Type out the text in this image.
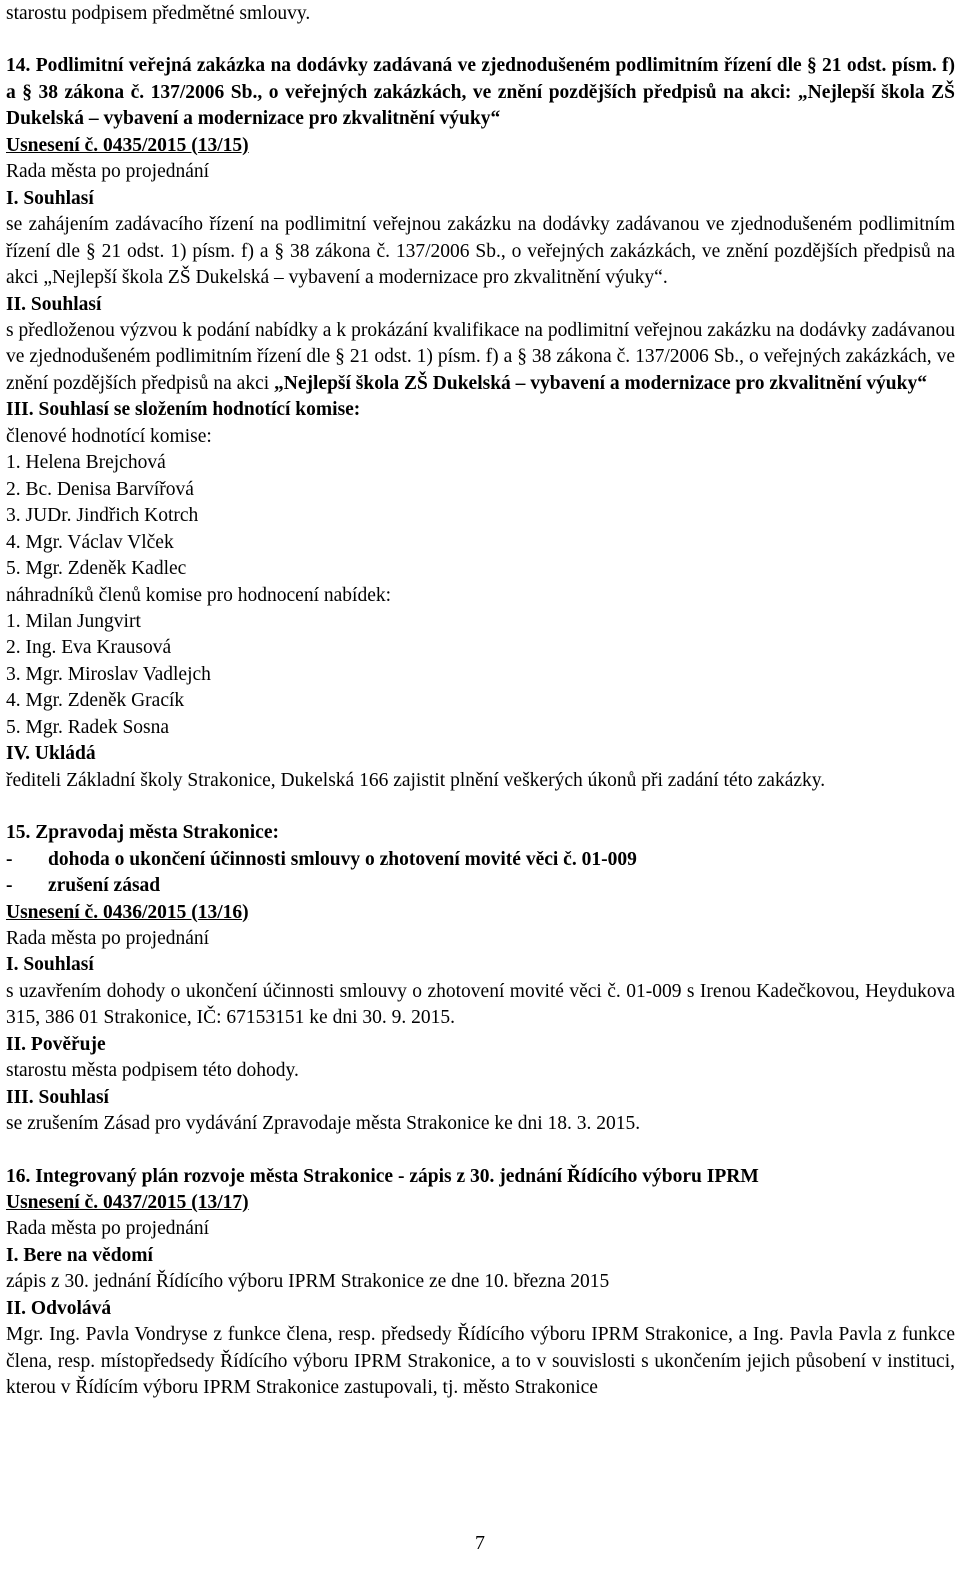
starostu podpisem předmětné smlouvy.

14. Podlimitní veřejná zakázka na dodávky zadávaná ve zjednodušeném podlimitním řízení dle § 21 odst. písm. f) a § 38 zákona č. 137/2006 Sb., o veřejných zakázkách, ve znění pozdějších předpisů na akci: „Nejlepší škola ZŠ Dukelská – vybavení a modernizace pro zkvalitnění výuky“

Usnesení č. 0435/2015 (13/15)

Rada města po projednání

I. Souhlasí

se zahájením zadávacího řízení na podlimitní veřejnou zakázku na dodávky zadávanou ve zjednodušeném podlimitním řízení dle § 21 odst. 1) písm. f) a § 38 zákona č. 137/2006 Sb., o veřejných zakázkách, ve znění pozdějších předpisů na akci „Nejlepší škola ZŠ Dukelská – vybavení a modernizace pro zkvalitnění výuky“.

II. Souhlasí

s předloženou výzvou k podání nabídky a k prokázání kvalifikace na podlimitní veřejnou zakázku na dodávky zadávanou ve zjednodušeném podlimitním řízení dle § 21 odst. 1) písm. f) a § 38 zákona č. 137/2006 Sb., o veřejných zakázkách, ve znění pozdějších předpisů na akci „Nejlepší škola ZŠ Dukelská – vybavení a modernizace pro zkvalitnění výuky“

III. Souhlasí se složením hodnotící komise:

členové hodnotící komise:

1. Helena Brejchová

2. Bc. Denisa Barvířová

3. JUDr. Jindřich Kotrch

4. Mgr. Václav Vlček

5. Mgr. Zdeněk Kadlec

náhradníků členů komise pro hodnocení nabídek:

1. Milan Jungvirt

2. Ing. Eva Krausová

3. Mgr. Miroslav Vadlejch

4. Mgr. Zdeněk Gracík

5. Mgr. Radek Sosna

IV. Ukládá

řediteli Základní školy Strakonice, Dukelská 166 zajistit plnění veškerých úkonů při zadání této zakázky.

15. Zpravodaj města Strakonice:

-	dohoda o ukončení účinnosti smlouvy o zhotovení movité věci č. 01-009
-	zrušení zásad

Usnesení č. 0436/2015 (13/16)

Rada města po projednání

I. Souhlasí

s uzavřením dohody o ukončení účinnosti smlouvy o zhotovení movité věci č. 01-009 s Irenou Kadečkovou, Heydukova 315, 386 01 Strakonice, IČ: 67153151 ke dni 30. 9. 2015.

II. Pověřuje

starostu města podpisem této dohody.

III. Souhlasí

se zrušením Zásad pro vydávání Zpravodaje města Strakonice ke dni 18. 3. 2015.

16. Integrovaný plán rozvoje města Strakonice - zápis z 30. jednání Řídícího výboru IPRM

Usnesení č. 0437/2015 (13/17)

Rada města po projednání

I. Bere na vědomí

zápis z 30. jednání Řídícího výboru IPRM Strakonice ze dne 10. března 2015

II. Odvolává

Mgr. Ing. Pavla Vondryse z funkce člena, resp. předsedy Řídícího výboru IPRM Strakonice, a Ing. Pavla Pavla z funkce člena, resp. místopředsedy Řídícího výboru IPRM Strakonice, a to v souvislosti s ukončením jejich působení v instituci, kterou v Řídícím výboru IPRM Strakonice zastupovali, tj. město Strakonice

7
